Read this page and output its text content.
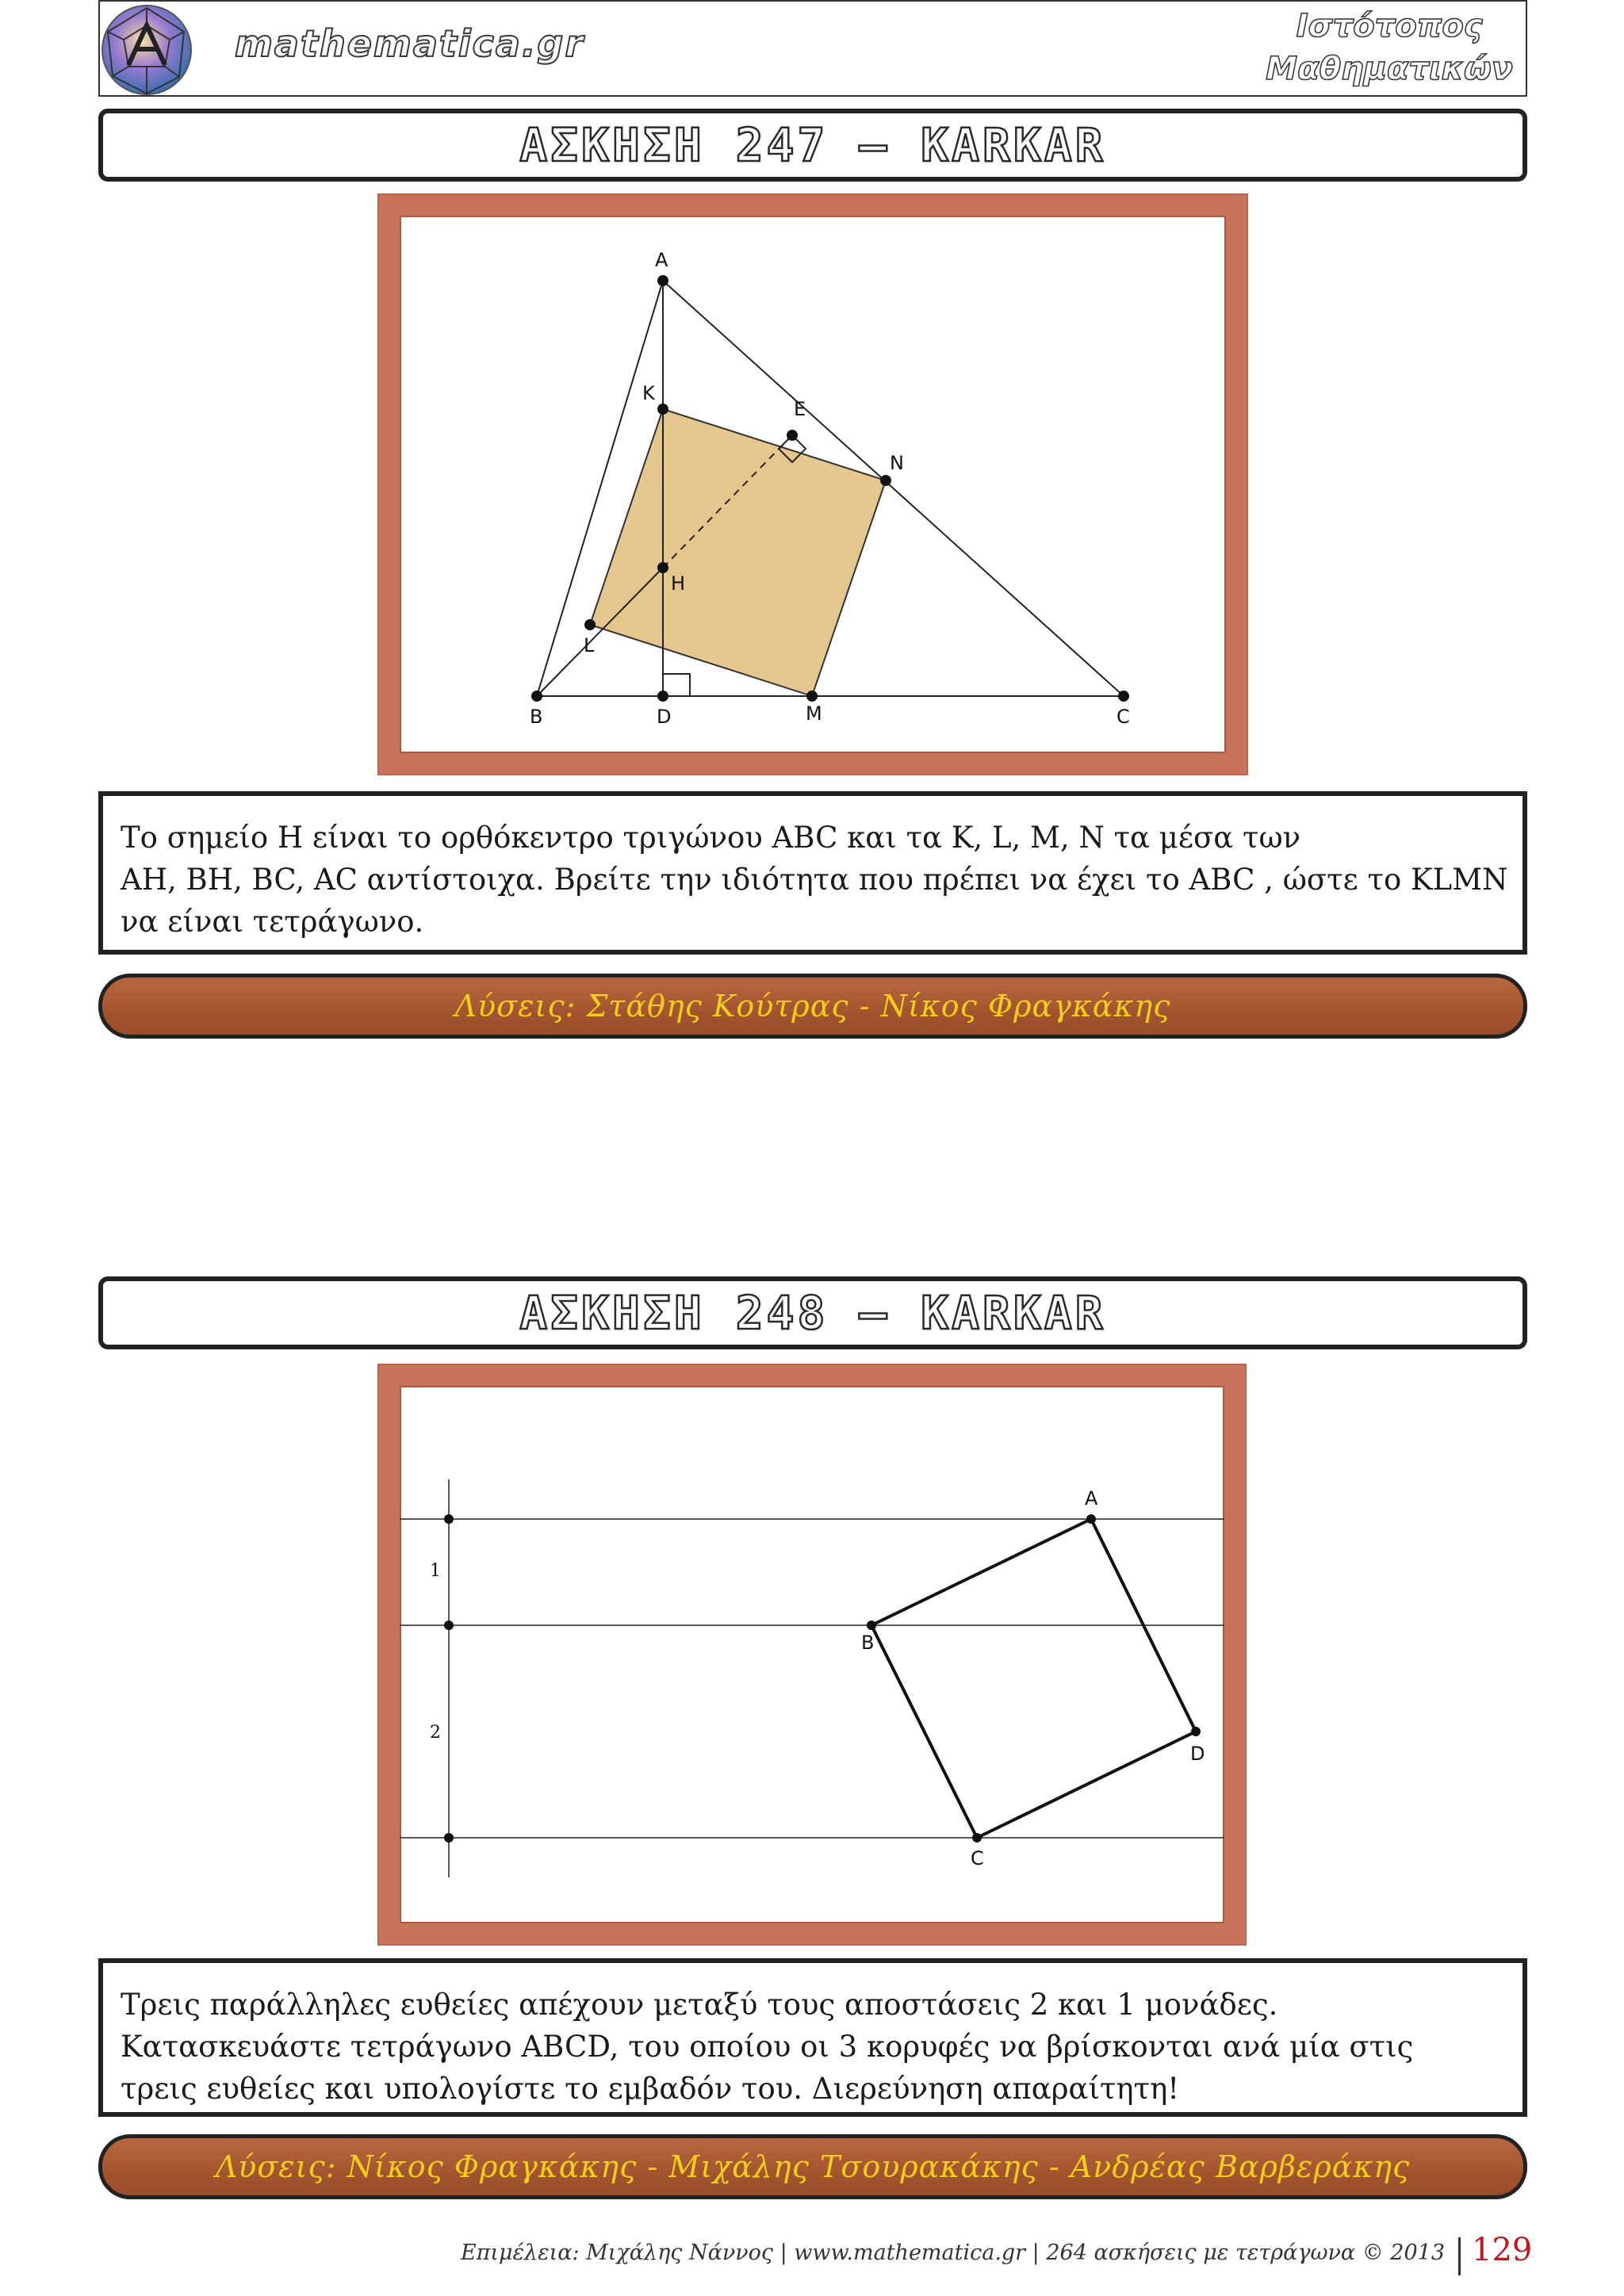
mathematica.gr	Ιστότοπος
Μαθηματικών
ΑΣΚΗΣΗ 247 – KARKAR
A
K
E
N
H
L
B	D	M	C
Το σημείο H είναι το ορθόκεντρο τριγώνου ABC και τα K, L, M, N τα μέσα των
AH, BH, BC, AC αντίστοιχα. Βρείτε την ιδιότητα που πρέπει να έχει το ABC , ώστε το KLMN
να είναι τετράγωνο.
Λύσεις: Στάθης Κούτρας - Νίκος Φραγκάκης
ΑΣΚΗΣΗ 248 – KARKAR
1
2
A
B
C
D
Τρεις παράλληλες ευθείες απέχουν μεταξύ τους αποστάσεις 2 και 1 μονάδες.
Κατασκευάστε τετράγωνο ABCD, του οποίου οι 3 κορυφές να βρίσκονται ανά μία στις
τρεις ευθείες και υπολογίστε το εμβαδόν του. Διερεύνηση απαραίτητη!
Λύσεις: Νίκος Φραγκάκης - Μιχάλης Τσουρακάκης - Ανδρέας Βαρβεράκης
Επιμέλεια: Μιχάλης Νάννος | www.mathematica.gr | 264 ασκήσεις με τετράγωνα © 2013 129
